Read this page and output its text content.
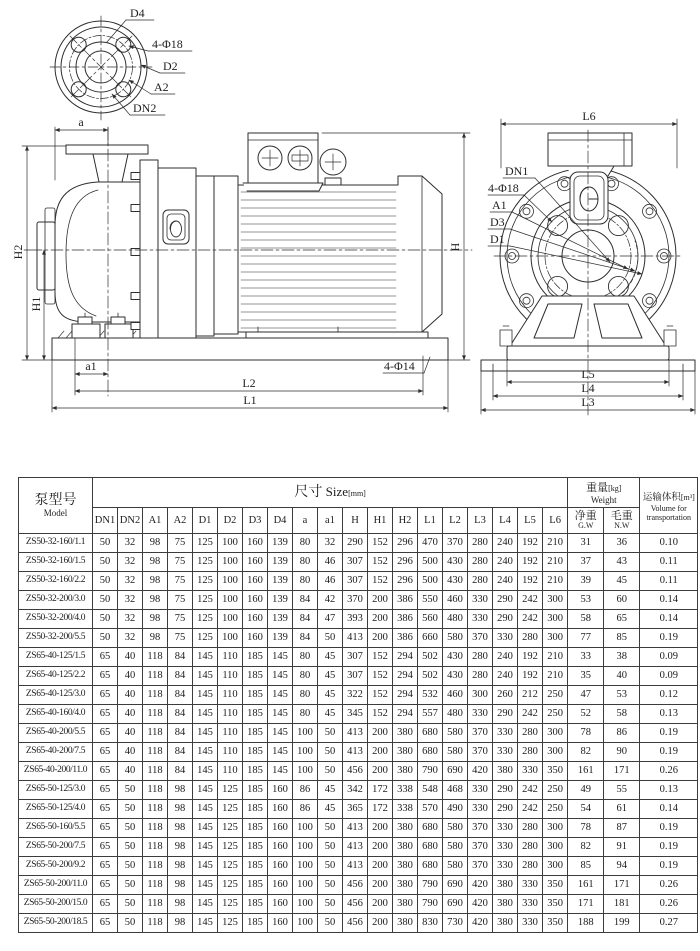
D4
4-Φ18
D2
A2
DN2
a
H2
H1
H
a1
L2
L1
4-Φ14
DN1
4-Φ18
A1
D3
D1
L6
L5
L4
L3
泵型号
Model	尺寸 Size[mm]																			重量[kg]
Weight		运输体积[m³]
Volume for
transportation

	DN1	DN2	A1	A2	D1	D2	D3	D4	a	a1	H	H1	H2	L1	L2	L3	L4	L5	L6	净重
G.W	毛重
N.W	

ZS50-32-160/1.1	50	32	98	75	125	100	160	139	80	32	290	152	296	470	370	280	240	192	210	31	36	0.10
ZS50-32-160/1.5	50	32	98	75	125	100	160	139	80	46	307	152	296	500	430	280	240	192	210	37	43	0.11
ZS50-32-160/2.2	50	32	98	75	125	100	160	139	80	46	307	152	296	500	430	280	240	192	210	39	45	0.11
ZS50-32-200/3.0	50	32	98	75	125	100	160	139	84	42	370	200	386	550	460	330	290	242	300	53	60	0.14
ZS50-32-200/4.0	50	32	98	75	125	100	160	139	84	47	393	200	386	560	480	330	290	242	300	58	65	0.14
ZS50-32-200/5.5	50	32	98	75	125	100	160	139	84	50	413	200	386	660	580	370	330	280	300	77	85	0.19
ZS65-40-125/1.5	65	40	118	84	145	110	185	145	80	45	307	152	294	502	430	280	240	192	210	33	38	0.09
ZS65-40-125/2.2	65	40	118	84	145	110	185	145	80	45	307	152	294	502	430	280	240	192	210	35	40	0.09
ZS65-40-125/3.0	65	40	118	84	145	110	185	145	80	45	322	152	294	532	460	300	260	212	250	47	53	0.12
ZS65-40-160/4.0	65	40	118	84	145	110	185	145	80	45	345	152	294	557	480	330	290	242	250	52	58	0.13
ZS65-40-200/5.5	65	40	118	84	145	110	185	145	100	50	413	200	380	680	580	370	330	280	300	78	86	0.19
ZS65-40-200/7.5	65	40	118	84	145	110	185	145	100	50	413	200	380	680	580	370	330	280	300	82	90	0.19
ZS65-40-200/11.0	65	40	118	84	145	110	185	145	100	50	456	200	380	790	690	420	380	330	350	161	171	0.26
ZS65-50-125/3.0	65	50	118	98	145	125	185	160	86	45	342	172	338	548	468	330	290	242	250	49	55	0.13
ZS65-50-125/4.0	65	50	118	98	145	125	185	160	86	45	365	172	338	570	490	330	290	242	250	54	61	0.14
ZS65-50-160/5.5	65	50	118	98	145	125	185	160	100	50	413	200	380	680	580	370	330	280	300	78	87	0.19
ZS65-50-200/7.5	65	50	118	98	145	125	185	160	100	50	413	200	380	680	580	370	330	280	300	82	91	0.19
ZS65-50-200/9.2	65	50	118	98	145	125	185	160	100	50	413	200	380	680	580	370	330	280	300	85	94	0.19
ZS65-50-200/11.0	65	50	118	98	145	125	185	160	100	50	456	200	380	790	690	420	380	330	350	161	171	0.26
ZS65-50-200/15.0	65	50	118	98	145	125	185	160	100	50	456	200	380	790	690	420	380	330	350	171	181	0.26
ZS65-50-200/18.5	65	50	118	98	145	125	185	160	100	50	456	200	380	830	730	420	380	330	350	188	199	0.27
